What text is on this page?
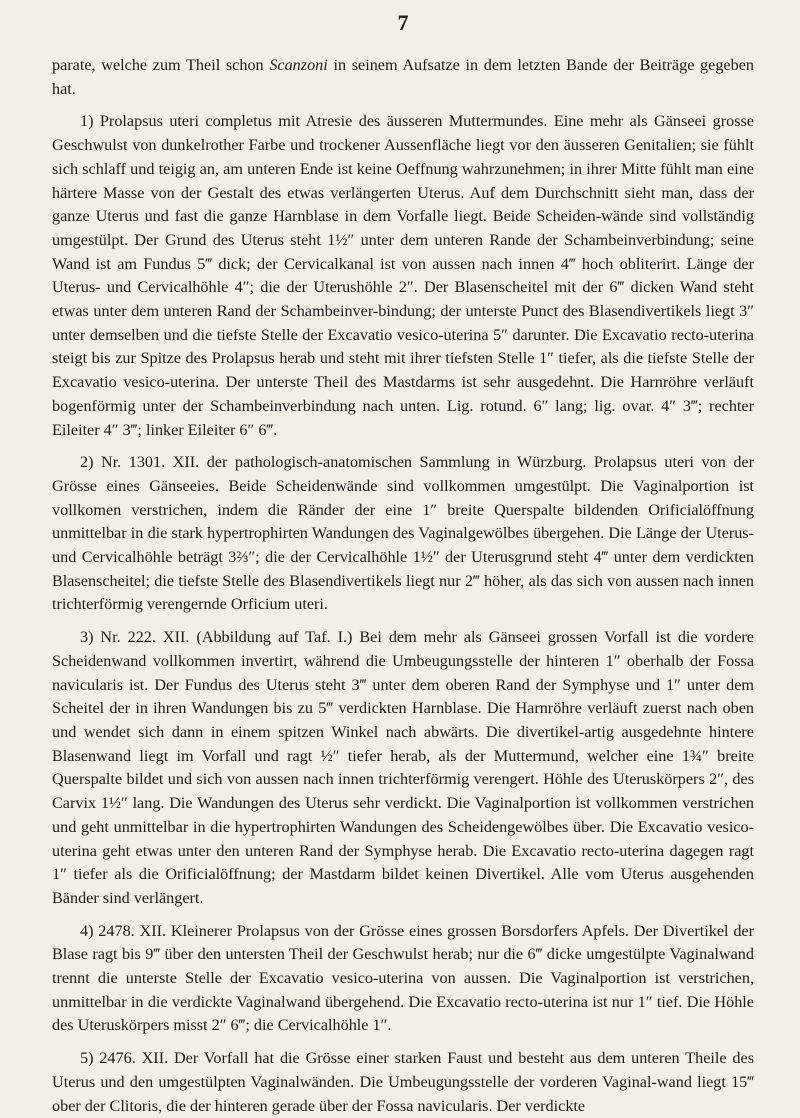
7

parate, welche zum Theil schon Scanzoni in seinem Aufsatze in dem letzten Bande der Beiträge gegeben hat.

1) Prolapsus uteri completus mit Atresie des äusseren Muttermundes. Eine mehr als Gänseei grosse Geschwulst von dunkelrother Farbe und trockener Aussenfläche liegt vor den äusseren Genitalien; sie fühlt sich schlaff und teigig an, am unteren Ende ist keine Oeffnung wahrzunehmen; in ihrer Mitte fühlt man eine härtere Masse von der Gestalt des etwas verlängerten Uterus. Auf dem Durchschnitt sieht man, dass der ganze Uterus und fast die ganze Harnblase in dem Vorfalle liegt. Beide Scheiden-wände sind vollständig umgestülpt. Der Grund des Uterus steht 1½″ unter dem unteren Rande der Schambeinverbindung; seine Wand ist am Fundus 5‴ dick; der Cervicalkanal ist von aussen nach innen 4‴ hoch obliterirt. Länge der Uterus- und Cervicalhöhle 4″; die der Uterushöhle 2″. Der Blasenscheitel mit der 6‴ dicken Wand steht etwas unter dem unteren Rand der Schambeinver-bindung; der unterste Punct des Blasendivertikels liegt 3″ unter demselben und die tiefste Stelle der Excavatio vesico-uterina 5″ darunter. Die Excavatio recto-uterina steigt bis zur Spitze des Prolapsus herab und steht mit ihrer tiefsten Stelle 1″ tiefer, als die tiefste Stelle der Excavatio vesico-uterina. Der unterste Theil des Mastdarms ist sehr ausgedehnt. Die Harnröhre verläuft bogenförmig unter der Schambeinverbindung nach unten. Lig. rotund. 6″ lang; lig. ovar. 4″ 3‴; rechter Eileiter 4″ 3‴; linker Eileiter 6″ 6‴.

2) Nr. 1301. XII. der pathologisch-anatomischen Sammlung in Würzburg. Prolapsus uteri von der Grösse eines Gänseeies. Beide Scheidenwände sind vollkommen umgestülpt. Die Vaginalportion ist vollkomen verstrichen, indem die Ränder der eine 1″ breite Querspalte bildenden Orificialöffnung unmittelbar in die stark hypertrophirten Wandungen des Vaginalgewölbes übergehen. Die Länge der Uterus- und Cervicalhöhle beträgt 3⅔″; die der Cervicalhöhle 1½″ der Uterusgrund steht 4‴ unter dem verdickten Blasenscheitel; die tiefste Stelle des Blasendivertikels liegt nur 2‴ höher, als das sich von aussen nach innen trichterförmig verengernde Orficium uteri.

3) Nr. 222. XII. (Abbildung auf Taf. I.) Bei dem mehr als Gänseei grossen Vorfall ist die vordere Scheidenwand vollkommen invertirt, während die Umbeugungsstelle der hinteren 1″ oberhalb der Fossa navicularis ist. Der Fundus des Uterus steht 3‴ unter dem oberen Rand der Symphyse und 1″ unter dem Scheitel der in ihren Wandungen bis zu 5‴ verdickten Harnblase. Die Harnröhre verläuft zuerst nach oben und wendet sich dann in einem spitzen Winkel nach abwärts. Die divertikel-artig ausgedehnte hintere Blasenwand liegt im Vorfall und ragt ½″ tiefer herab, als der Muttermund, welcher eine 1¾″ breite Querspalte bildet und sich von aussen nach innen trichterförmig verengert. Höhle des Uteruskörpers 2″, des Carvix 1½″ lang. Die Wandungen des Uterus sehr verdickt. Die Vaginalportion ist vollkommen verstrichen und geht unmittelbar in die hypertrophirten Wandungen des Scheidengewölbes über. Die Excavatio vesico-uterina geht etwas unter den unteren Rand der Symphyse herab. Die Excavatio recto-uterina dagegen ragt 1″ tiefer als die Orificialöffnung; der Mastdarm bildet keinen Divertikel. Alle vom Uterus ausgehenden Bänder sind verlängert.

4) 2478. XII. Kleinerer Prolapsus von der Grösse eines grossen Borsdorfers Apfels. Der Divertikel der Blase ragt bis 9‴ über den untersten Theil der Geschwulst herab; nur die 6‴ dicke umgestülpte Vaginalwand trennt die unterste Stelle der Excavatio vesico-uterina von aussen. Die Vaginalportion ist verstrichen, unmittelbar in die verdickte Vaginalwand übergehend. Die Excavatio recto-uterina ist nur 1″ tief. Die Höhle des Uteruskörpers misst 2″ 6‴; die Cervicalhöhle 1″.

5) 2476. XII. Der Vorfall hat die Grösse einer starken Faust und besteht aus dem unteren Theile des Uterus und den umgestülpten Vaginalwänden. Die Umbeugungsstelle der vorderen Vaginal-wand liegt 15‴ ober der Clitoris, die der hinteren gerade über der Fossa navicularis. Der verdickte
